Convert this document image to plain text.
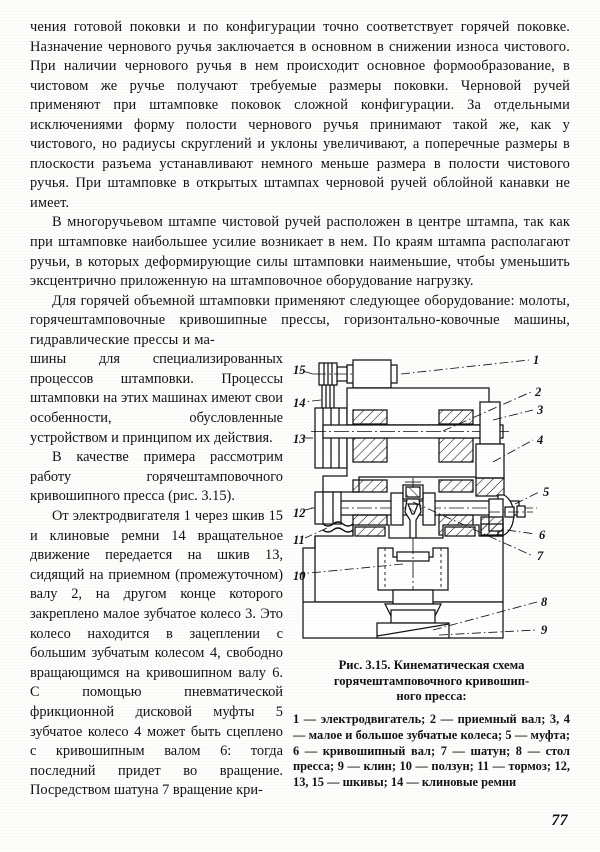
чения готовой поковки и по конфигурации точно соответствует горячей поковке. Назначение чернового ручья заключается в основном в снижении износа чистового. При наличии чернового ручья в нем происходит основное формообразование, в чистовом же ручье получают требуемые размеры поковки. Черновой ручей применяют при штамповке поковок сложной конфигурации. За отдельными исключениями форму полости чернового ручья принимают такой же, как у чистового, но радиусы скруглений и уклоны увеличивают, а поперечные размеры в плоскости разъема устанавливают немного меньше размера в полости чистового ручья. При штамповке в открытых штампах черновой ручей облойной канавки не имеет.

В многоручьевом штампе чистовой ручей расположен в центре штампа, так как при штамповке наибольшее усилие возникает в нем. По краям штампа располагают ручьи, в которых деформирующие силы штамповки наименьшие, чтобы уменьшить эксцентрично приложенную на штамповочное оборудование нагрузку.

Для горячей объемной штамповки применяют следующее оборудование: молоты, горячештамповочные кривошипные прессы, горизонтально-ковочные машины, гидравлические прессы и ма-

15
14
13
12
11
10
1
2
3
4
5
6
7
8
9
Рис. 3.15. Кинематическая схема
горячештамповочного кривошип-
ного пресса:
1 — электродвигатель; 2 — приемный вал; 3, 4 — малое и большое зубчатые колеса; 5 — муфта; 6 — кривошипный вал; 7 — шатун; 8 — стол пресса; 9 — клин; 10 — ползун; 11 — тормоз; 12, 13, 15 — шкивы; 14 — клиновые ремни

шины для специализированных процессов штамповки. Процессы штамповки на этих машинах имеют свои особенности, обусловленные устройством и принципом их действия.

В качестве примера рассмотрим работу горячештамповочного кривошипного пресса (рис. 3.15).

От электродвигателя 1 через шкив 15 и клиновые ремни 14 вращательное движение передается на шкив 13, сидящий на приемном (промежуточном) валу 2, на другом конце которого закреплено малое зубчатое колесо 3. Это колесо находится в зацеплении с большим зубчатым колесом 4, свободно вращающимся на кривошипном валу 6. С помощью пневматической фрикционной дисковой муфты 5 зубчатое колесо 4 может быть сцеплено с кривошипным валом 6: тогда последний придет во вращение. Посредством шатуна 7 вращение кри-

77
